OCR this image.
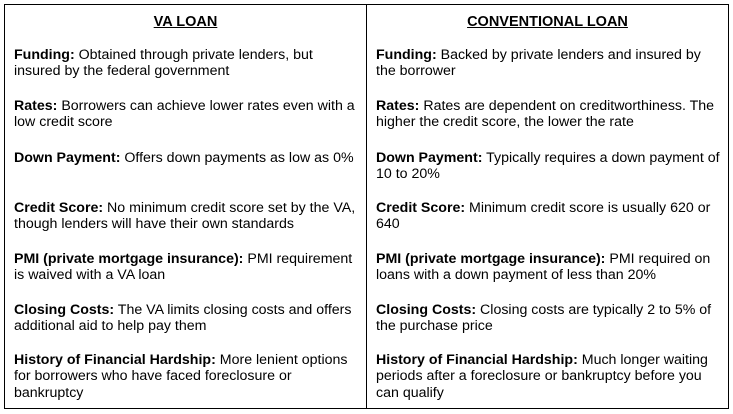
VA LOAN
Funding: Obtained through private lenders, but insured by the federal government
Rates: Borrowers can achieve lower rates even with a low credit score
Down Payment: Offers down payments as low as 0%
Credit Score: No minimum credit score set by the VA, though lenders will have their own standards
PMI (private mortgage insurance): PMI requirement is waived with a VA loan
Closing Costs: The VA limits closing costs and offers additional aid to help pay them
History of Financial Hardship: More lenient options for borrowers who have faced foreclosure or bankruptcy
CONVENTIONAL LOAN
Funding: Backed by private lenders and insured by the borrower
Rates: Rates are dependent on creditworthiness. The higher the credit score, the lower the rate
Down Payment: Typically requires a down payment of 10 to 20%
Credit Score: Minimum credit score is usually 620 or 640
PMI (private mortgage insurance): PMI required on loans with a down payment of less than 20%
Closing Costs: Closing costs are typically 2 to 5% of the purchase price
History of Financial Hardship: Much longer waiting periods after a foreclosure or bankruptcy before you can qualify
